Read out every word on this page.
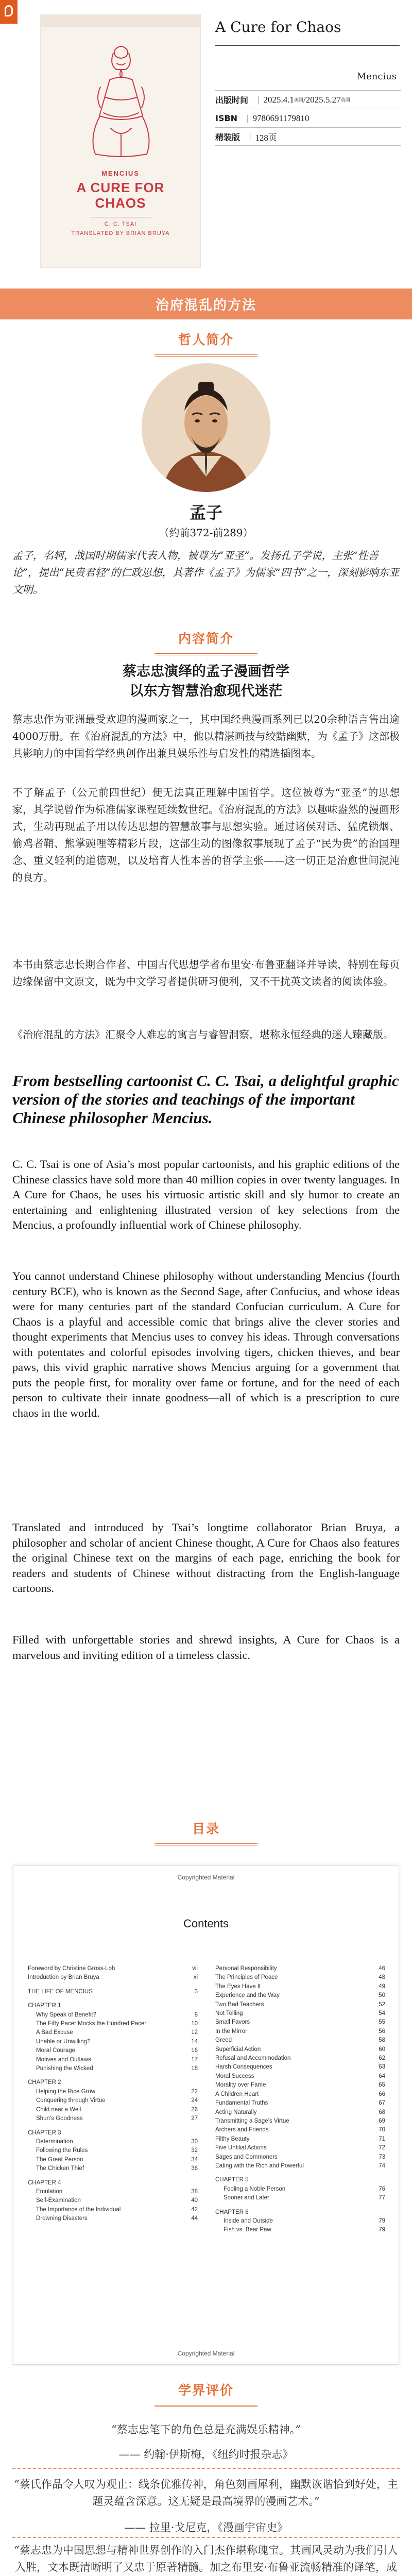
MENCIUS
A CURE FOR
CHAOS
C. C. TSAI
TRANSLATED BY BRIAN BRUYA
A Cure for Chaos
Mencius
出版时间 | 2025.4.1 美国 / 2025.5.27 英国
ISBN | 9780691179810
精装版 | 128页
治府混乱的方法
哲人简介
孟子
（约前372-前289）
孟子，名轲，战国时期儒家代表人物，被尊为“亚圣”。发扬孔子学说，主张“性善论”，提出“民贵君轻”的仁政思想，其著作《孟子》为儒家“四书”之一，深刻影响东亚文明。
内容简介
蔡志忠演绎的孟子漫画哲学
以东方智慧治愈现代迷茫
蔡志忠作为亚洲最受欢迎的漫画家之一，其中国经典漫画系列已以20余种语言售出逾4000万册。在《治府混乱的方法》中，他以精湛画技与绞黠幽默，为《孟子》这部极具影响力的中国哲学经典创作出兼具娱乐性与启发性的精选插图本。
不了解孟子（公元前四世纪）便无法真正理解中国哲学。这位被尊为“亚圣”的思想家，其学说曾作为标准儒家课程延续数世纪。《治府混乱的方法》以趣味盎然的漫画形式，生动再现孟子用以传达思想的智慧故事与思想实验。通过诸侯对话、猛虎锁烟、偷鸡者鞘、熊掌豌哩等精彩片段，这部生动的图像叙事展现了孟子“民为贵”的治国理念、重义轻利的道德观，以及培育人性本善的哲学主张——这一切正是治愈世间混沌的良方。
本书由蔡志忠长期合作者、中国古代思想学者布里安·布鲁亚翻译并导读，特别在每页边缘保留中文原文，既为中文学习者提供研习便利，又不干扰英文读者的阅读体验。
《治府混乱的方法》汇聚令人难忘的寓言与睿智洞察，堪称永恒经典的迷人臻藏版。
From bestselling cartoonist C. C. Tsai, a delightful graphic version of the stories and teachings of the important Chinese philosopher Mencius.
C. C. Tsai is one of Asia’s most popular cartoonists, and his graphic editions of the Chinese classics have sold more than 40 million copies in over twenty languages. In A Cure for Chaos, he uses his virtuosic artistic skill and sly humor to create an entertaining and enlightening illustrated version of key selections from the Mencius, a profoundly influential work of Chinese philosophy.
You cannot understand Chinese philosophy without understanding Mencius (fourth century BCE), who is known as the Second Sage, after Confucius, and whose ideas were for many centuries part of the standard Confucian curriculum. A Cure for Chaos is a playful and accessible comic that brings alive the clever stories and thought experiments that Mencius uses to convey his ideas. Through conversations with potentates and colorful episodes involving tigers, chicken thieves, and bear paws, this vivid graphic narrative shows Mencius arguing for a government that puts the people first, for morality over fame or fortune, and for the need of each person to cultivate their innate goodness—all of which is a prescription to cure chaos in the world.
Translated and introduced by Tsai’s longtime collaborator Brian Bruya, a philosopher and scholar of ancient Chinese thought, A Cure for Chaos also features the original Chinese text on the margins of each page, enriching the book for readers and students of Chinese without distracting from the English-language cartoons.
Filled with unforgettable stories and shrewd insights, A Cure for Chaos is a marvelous and inviting edition of a timeless classic.
目录
Copyrighted Material
Contents
Foreword by Christine Gross-Loh	vii
Introduction by Brian Bruya	xi
THE LIFE OF MENCIUS	3
CHAPTER 1
Why Speak of Benefit?	8
The Fifty Pacer Mocks the Hundred Pacer	10
A Bad Excuse	12
Unable or Unwilling?	14
Moral Courage	16
Motives and Outlaws	17
Punishing the Wicked	18
CHAPTER 2
Helping the Rice Grow	22
Conquering through Virtue	24
Child near a Well	26
Shun’s Goodness	27
CHAPTER 3
Determination	30
Following the Rules	32
The Great Person	34
The Chicken Thief	36
CHAPTER 4
Emulation	38
Self-Examination	40
The Importance of the Individual	42
Drowning Disasters	44
Personal Responsibility	46
The Principles of Peace	48
The Eyes Have It	49
Experience and the Way	50
Two Bad Teachers	52
Not Telling	54
Small Favors	55
In the Mirror	56
Greed	58
Superficial Action	60
Refusal and Accommodation	62
Harsh Consequences	63
Moral Success	64
Morality over Fame	65
A Children Heart	66
Fundamental Truths	67
Acting Naturally	68
Transmitting a Sage’s Virtue	69
Archers and Friends	70
Filthy Beauty	71
Five Unfilial Actions	72
Sages and Commoners	73
Eating with the Rich and Powerful	74
CHAPTER 5
Fooling a Noble Person	76
Sooner and Later	77
CHAPTER 6
Inside and Outside	79
Fish vs. Bear Paw	79
Copyrighted Material
学界评价
“蔡志忠笔下的角色总是充满娱乐精神。”
—— 约翰·伊斯梅，《纽约时报杂志》
“蔡氏作品令人叹为观止：线条优雅传神，角色刻画犀利，幽默诙谐恰到好处，主题灵蕴含深意。这无疑是最高境界的漫画艺术。”
—— 拉里·戈尼克，《漫画宇宙史》
“蔡志忠为中国思想与精神世界创作的入门杰作堪称瑰宝。其画风灵动为我们引人入胜，文本既清晰明了又忠于原著精髓。加之布里安·布鲁亚流畅精准的译笔，成
